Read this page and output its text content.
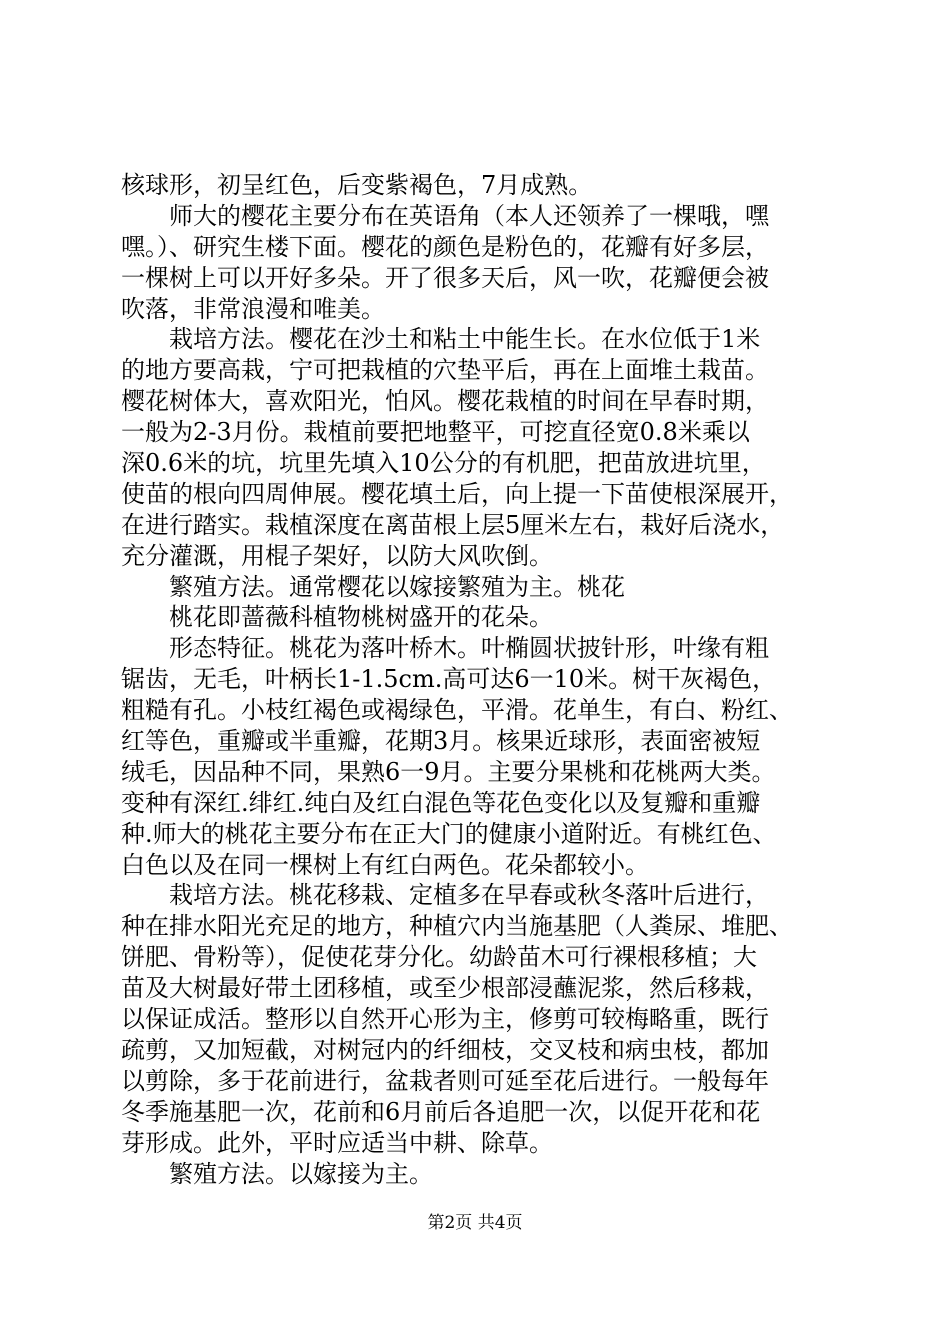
核球形，初呈红色，后变紫褐色，7月成熟。
　　师大的樱花主要分布在英语角（本人还领养了一棵哦，嘿
嘿。）、研究生楼下面。樱花的颜色是粉色的，花瓣有好多层，
一棵树上可以开好多朵。开了很多天后，风一吹，花瓣便会被
吹落，非常浪漫和唯美。
　　栽培方法。樱花在沙土和粘土中能生长。在水位低于1米
的地方要高栽，宁可把栽植的穴垫平后，再在上面堆土栽苗。
樱花树体大，喜欢阳光，怕风。樱花栽植的时间在早春时期，
一般为2-3月份。栽植前要把地整平，可挖直径宽0.8米乘以
深0.6米的坑，坑里先填入10公分的有机肥，把苗放进坑里，
使苗的根向四周伸展。樱花填土后，向上提一下苗使根深展开，
在进行踏实。栽植深度在离苗根上层5厘米左右，栽好后浇水，
充分灌溉，用棍子架好，以防大风吹倒。
　　繁殖方法。通常樱花以嫁接繁殖为主。桃花
　　桃花即蔷薇科植物桃树盛开的花朵。
　　形态特征。桃花为落叶桥木。叶椭圆状披针形，叶缘有粗
锯齿，无毛，叶柄长1-1.5cm.高可达6一10米。树干灰褐色，
粗糙有孔。小枝红褐色或褐绿色，平滑。花单生，有白、粉红、
红等色，重瓣或半重瓣，花期3月。核果近球形，表面密被短
绒毛，因品种不同，果熟6一9月。主要分果桃和花桃两大类。
变种有深红.绯红.纯白及红白混色等花色变化以及复瓣和重瓣
种.师大的桃花主要分布在正大门的健康小道附近。有桃红色、
白色以及在同一棵树上有红白两色。花朵都较小。
　　栽培方法。桃花移栽、定植多在早春或秋冬落叶后进行，
种在排水阳光充足的地方，种植穴内当施基肥（人粪尿、堆肥、
饼肥、骨粉等），促使花芽分化。幼龄苗木可行裸根移植；大
苗及大树最好带土团移植，或至少根部浸蘸泥浆，然后移栽，
以保证成活。整形以自然开心形为主，修剪可较梅略重，既行
疏剪，又加短截，对树冠内的纤细枝，交叉枝和病虫枝，都加
以剪除，多于花前进行，盆栽者则可延至花后进行。一般每年
冬季施基肥一次，花前和6月前后各追肥一次，以促开花和花
芽形成。此外，平时应适当中耕、除草。
　　繁殖方法。以嫁接为主。
第2页 共4页
